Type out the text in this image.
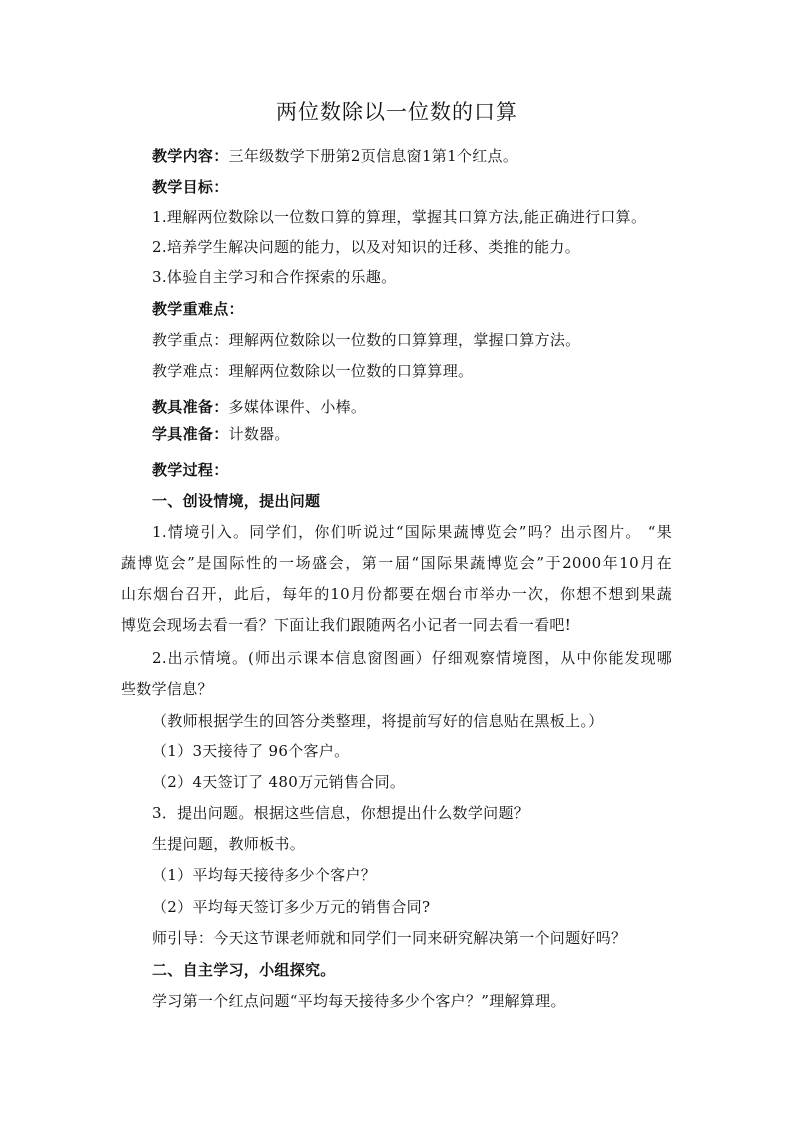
两位数除以一位数的口算
教学内容：三年级数学下册第2页信息窗1第1个红点。
教学目标：
1.理解两位数除以一位数口算的算理，掌握其口算方法,能正确进行口算。
2.培养学生解决问题的能力，以及对知识的迁移、类推的能力。
3.体验自主学习和合作探索的乐趣。
教学重难点：
教学重点：理解两位数除以一位数的口算算理，掌握口算方法。
教学难点：理解两位数除以一位数的口算算理。
教具准备：多媒体课件、小棒。
学具准备：计数器。
教学过程：
一、创设情境，提出问题
1.情境引入。同学们，你们听说过“国际果蔬博览会”吗？出示图片。 “果
蔬博览会”是国际性的一场盛会，第一届“国际果蔬博览会”于2000年10月在
山东烟台召开，此后，每年的10月份都要在烟台市举办一次，你想不想到果蔬
博览会现场去看一看？下面让我们跟随两名小记者一同去看一看吧!
2.出示情境。(师出示课本信息窗图画）仔细观察情境图，从中你能发现哪
些数学信息？
（教师根据学生的回答分类整理，将提前写好的信息贴在黑板上。）
（1）3天接待了 96个客户。
（2）4天签订了 480万元销售合同。
3．提出问题。根据这些信息，你想提出什么数学问题？
生提问题，教师板书。
（1）平均每天接待多少个客户？
（2）平均每天签订多少万元的销售合同?
师引导：今天这节课老师就和同学们一同来研究解决第一个问题好吗？
二、自主学习，小组探究。
学习第一个红点问题“平均每天接待多少个客户？”理解算理。
